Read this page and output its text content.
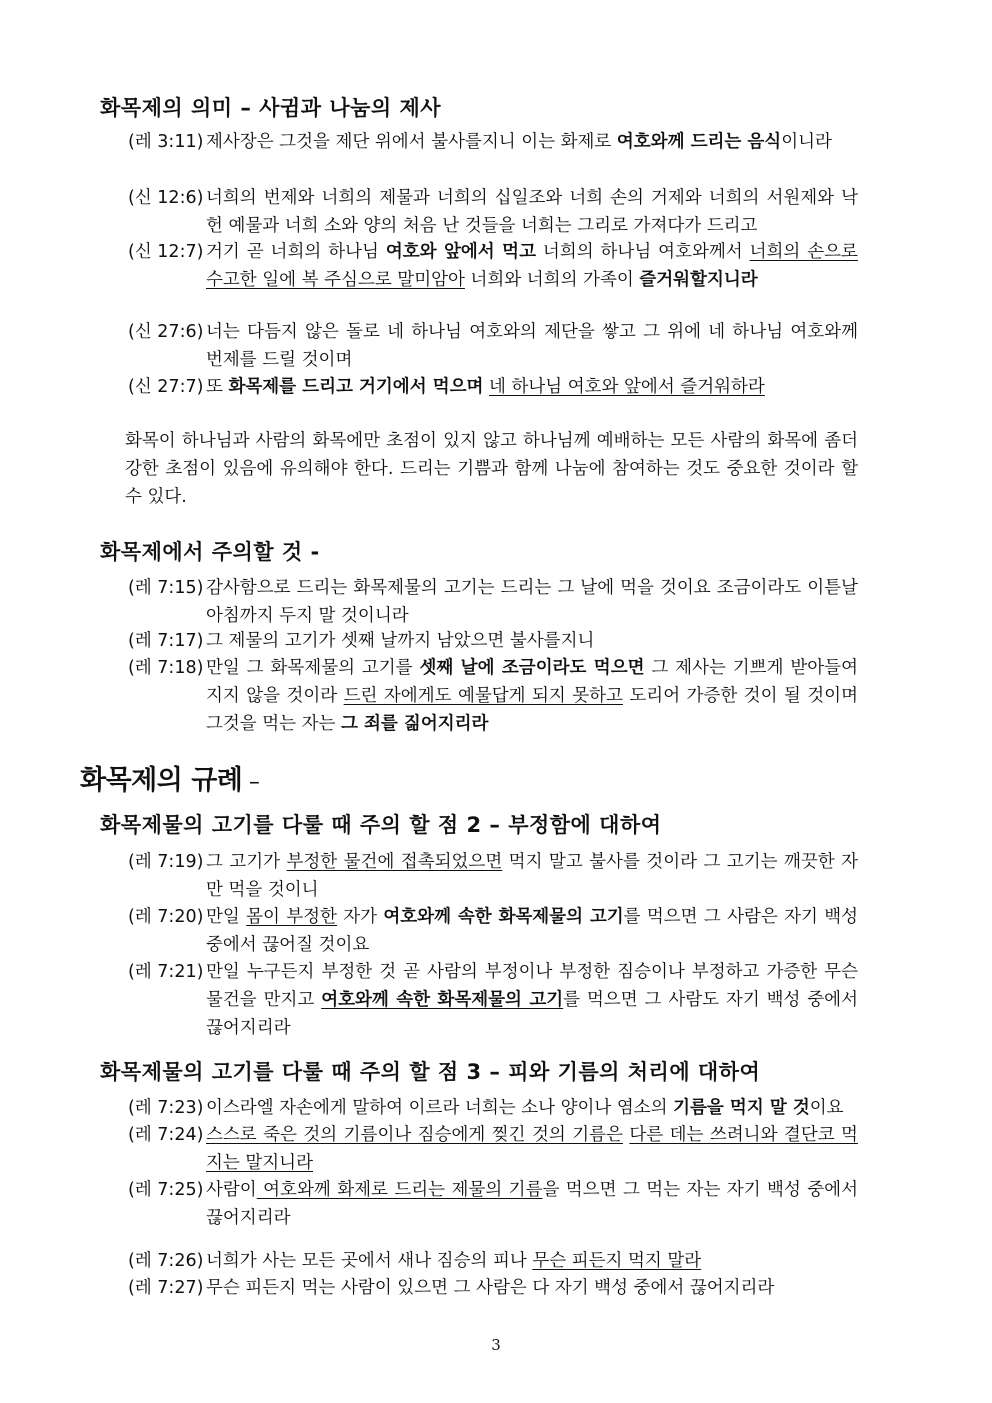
화목제의 의미 – 사귐과 나눔의 제사
(레 3:11) 제사장은 그것을 제단 위에서 불사를지니 이는 화제로 여호와께 드리는 음식이니라
(신 12:6) 너희의 번제와 너희의 제물과 너희의 십일조와 너희 손의 거제와 너희의 서원제와 낙헌 예물과 너희 소와 양의 처음 난 것들을 너희는 그리로 가져다가 드리고
(신 12:7) 거기 곧 너희의 하나님 여호와 앞에서 먹고 너희의 하나님 여호와께서 너희의 손으로 수고한 일에 복 주심으로 말미암아 너희와 너희의 가족이 즐거워할지니라
(신 27:6) 너는 다듬지 않은 돌로 네 하나님 여호와의 제단을 쌓고 그 위에 네 하나님 여호와께 번제를 드릴 것이며
(신 27:7) 또 화목제를 드리고 거기에서 먹으며 네 하나님 여호와 앞에서 즐거워하라
화목이 하나님과 사람의 화목에만 초점이 있지 않고 하나님께 예배하는 모든 사람의 화목에 좀더 강한 초점이 있음에 유의해야 한다. 드리는 기쁨과 함께 나눔에 참여하는 것도 중요한 것이라 할 수 있다.
화목제에서 주의할 것 -
(레 7:15) 감사함으로 드리는 화목제물의 고기는 드리는 그 날에 먹을 것이요 조금이라도 이튿날 아침까지 두지 말 것이니라
(레 7:17) 그 제물의 고기가 셋째 날까지 남았으면 불사를지니
(레 7:18) 만일 그 화목제물의 고기를 셋째 날에 조금이라도 먹으면 그 제사는 기쁘게 받아들여지지 않을 것이라 드린 자에게도 예물답게 되지 못하고 도리어 가증한 것이 될 것이며 그것을 먹는 자는 그 죄를 짊어지리라
화목제의 규례 –
화목제물의 고기를 다룰 때 주의 할 점 2 – 부정함에 대하여
(레 7:19) 그 고기가 부정한 물건에 접촉되었으면 먹지 말고 불사를 것이라 그 고기는 깨끗한 자만 먹을 것이니
(레 7:20) 만일 몸이 부정한 자가 여호와께 속한 화목제물의 고기를 먹으면 그 사람은 자기 백성 중에서 끊어질 것이요
(레 7:21) 만일 누구든지 부정한 것 곧 사람의 부정이나 부정한 짐승이나 부정하고 가증한 무슨 물건을 만지고 여호와께 속한 화목제물의 고기를 먹으면 그 사람도 자기 백성 중에서 끊어지리라
화목제물의 고기를 다룰 때 주의 할 점 3 – 피와 기름의 처리에 대하여
(레 7:23) 이스라엘 자손에게 말하여 이르라 너희는 소나 양이나 염소의 기름을 먹지 말 것이요
(레 7:24) 스스로 죽은 것의 기름이나 짐승에게 찢긴 것의 기름은 다른 데는 쓰려니와 결단코 먹지는 말지니라
(레 7:25) 사람이 여호와께 화제로 드리는 제물의 기름을 먹으면 그 먹는 자는 자기 백성 중에서 끊어지리라
(레 7:26) 너희가 사는 모든 곳에서 새나 짐승의 피나 무슨 피든지 먹지 말라
(레 7:27) 무슨 피든지 먹는 사람이 있으면 그 사람은 다 자기 백성 중에서 끊어지리라
3
